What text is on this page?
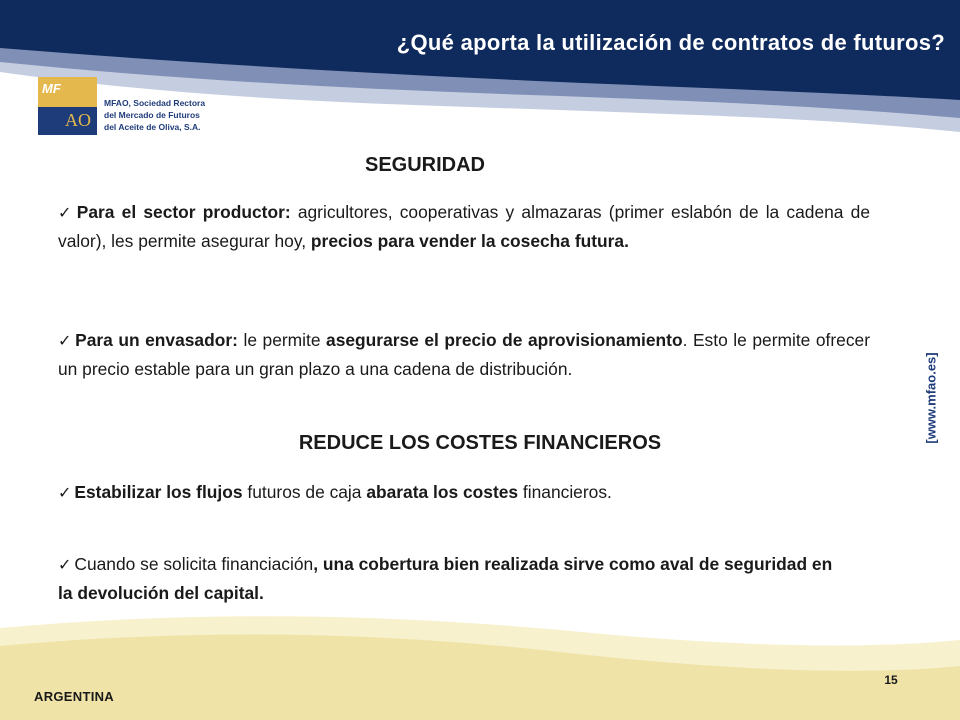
¿Qué aporta la utilización de contratos de futuros?
MF
AO
MFAO, Sociedad Rectora
del Mercado de Futuros
del Aceite de Oliva, S.A.
SEGURIDAD
✓ Para el sector productor: agricultores, cooperativas y almazaras (primer eslabón de la cadena de valor), les permite asegurar hoy, precios para vender la cosecha futura.
✓ Para un envasador: le permite asegurarse el precio de aprovisionamiento. Esto le permite ofrecer un precio estable para un gran plazo a una cadena de distribución.
REDUCE LOS COSTES FINANCIEROS
✓ Estabilizar los flujos futuros de caja abarata los costes financieros.
✓ Cuando se solicita financiación, una cobertura bien realizada sirve como aval de seguridad en la devolución del capital.
[www.mfao.es]
15
ARGENTINA
